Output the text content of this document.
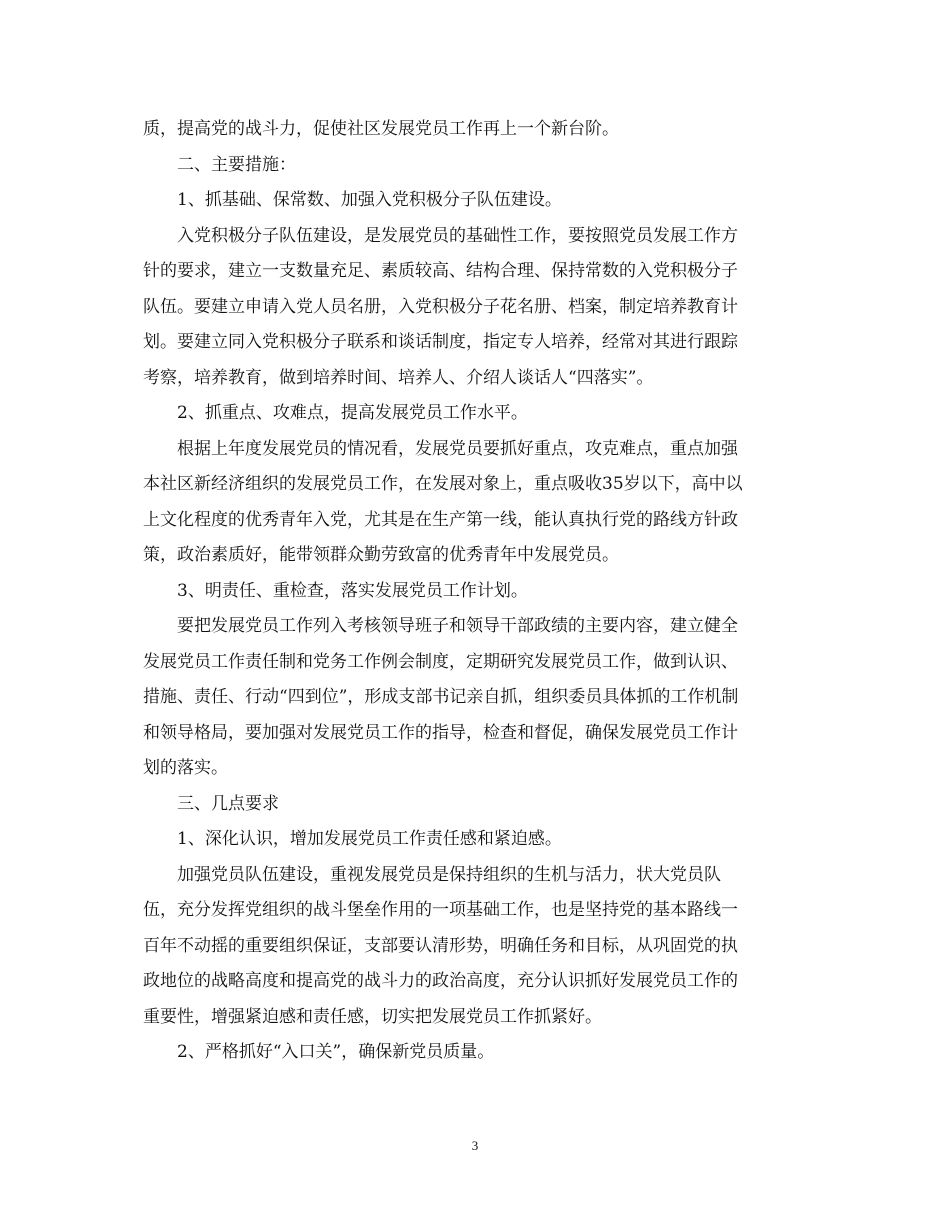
质，提高党的战斗力，促使社区发展党员工作再上一个新台阶。
二、主要措施：
1、抓基础、保常数、加强入党积极分子队伍建设。
入党积极分子队伍建设，是发展党员的基础性工作，要按照党员发展工作方
针的要求，建立一支数量充足、素质较高、结构合理、保持常数的入党积极分子
队伍。要建立申请入党人员名册，入党积极分子花名册、档案，制定培养教育计
划。要建立同入党积极分子联系和谈话制度，指定专人培养，经常对其进行跟踪
考察，培养教育，做到培养时间、培养人、介绍人谈话人“四落实”。
2、抓重点、攻难点，提高发展党员工作水平。
根据上年度发展党员的情况看，发展党员要抓好重点，攻克难点，重点加强
本社区新经济组织的发展党员工作，在发展对象上，重点吸收35岁以下，高中以
上文化程度的优秀青年入党，尤其是在生产第一线，能认真执行党的路线方针政
策，政治素质好，能带领群众勤劳致富的优秀青年中发展党员。
3、明责任、重检查，落实发展党员工作计划。
要把发展党员工作列入考核领导班子和领导干部政绩的主要内容，建立健全
发展党员工作责任制和党务工作例会制度，定期研究发展党员工作，做到认识、
措施、责任、行动“四到位”，形成支部书记亲自抓，组织委员具体抓的工作机制
和领导格局，要加强对发展党员工作的指导，检查和督促，确保发展党员工作计
划的落实。
三、几点要求
1、深化认识，增加发展党员工作责任感和紧迫感。
加强党员队伍建设，重视发展党员是保持组织的生机与活力，状大党员队
伍，充分发挥党组织的战斗堡垒作用的一项基础工作，也是坚持党的基本路线一
百年不动摇的重要组织保证，支部要认清形势，明确任务和目标，从巩固党的执
政地位的战略高度和提高党的战斗力的政治高度，充分认识抓好发展党员工作的
重要性，增强紧迫感和责任感，切实把发展党员工作抓紧好。
2、严格抓好“入口关”，确保新党员质量。
3
